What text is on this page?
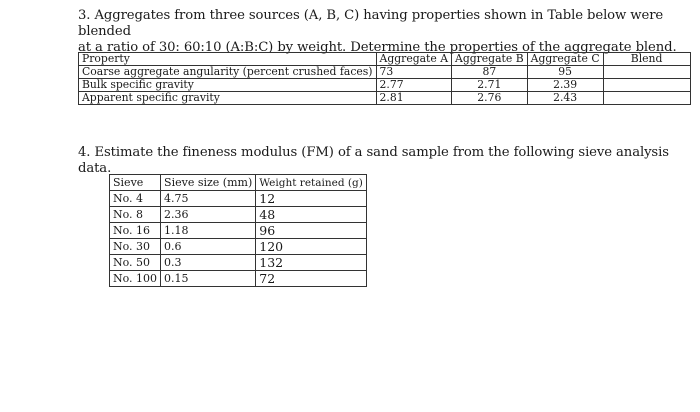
3. Aggregates from three sources (A, B, C) having properties shown in Table below were blended
at a ratio of 30: 60:10 (A:B:C) by weight. Determine the properties of the aggregate blend.
Property	Aggregate A	Aggregate B	Aggregate C	Blend
Coarse aggregate angularity (percent crushed faces)	73	87	95	
Bulk specific gravity	2.77	2.71	2.39	
Apparent specific gravity	2.81	2.76	2.43	
4. Estimate the fineness modulus (FM) of a sand sample from the following sieve analysis data.
Sieve	Sieve size (mm)	Weight retained (g)
No. 4	4.75	12
No. 8	2.36	48
No. 16	1.18	96
No. 30	0.6	120
No. 50	0.3	132
No. 100	0.15	72
